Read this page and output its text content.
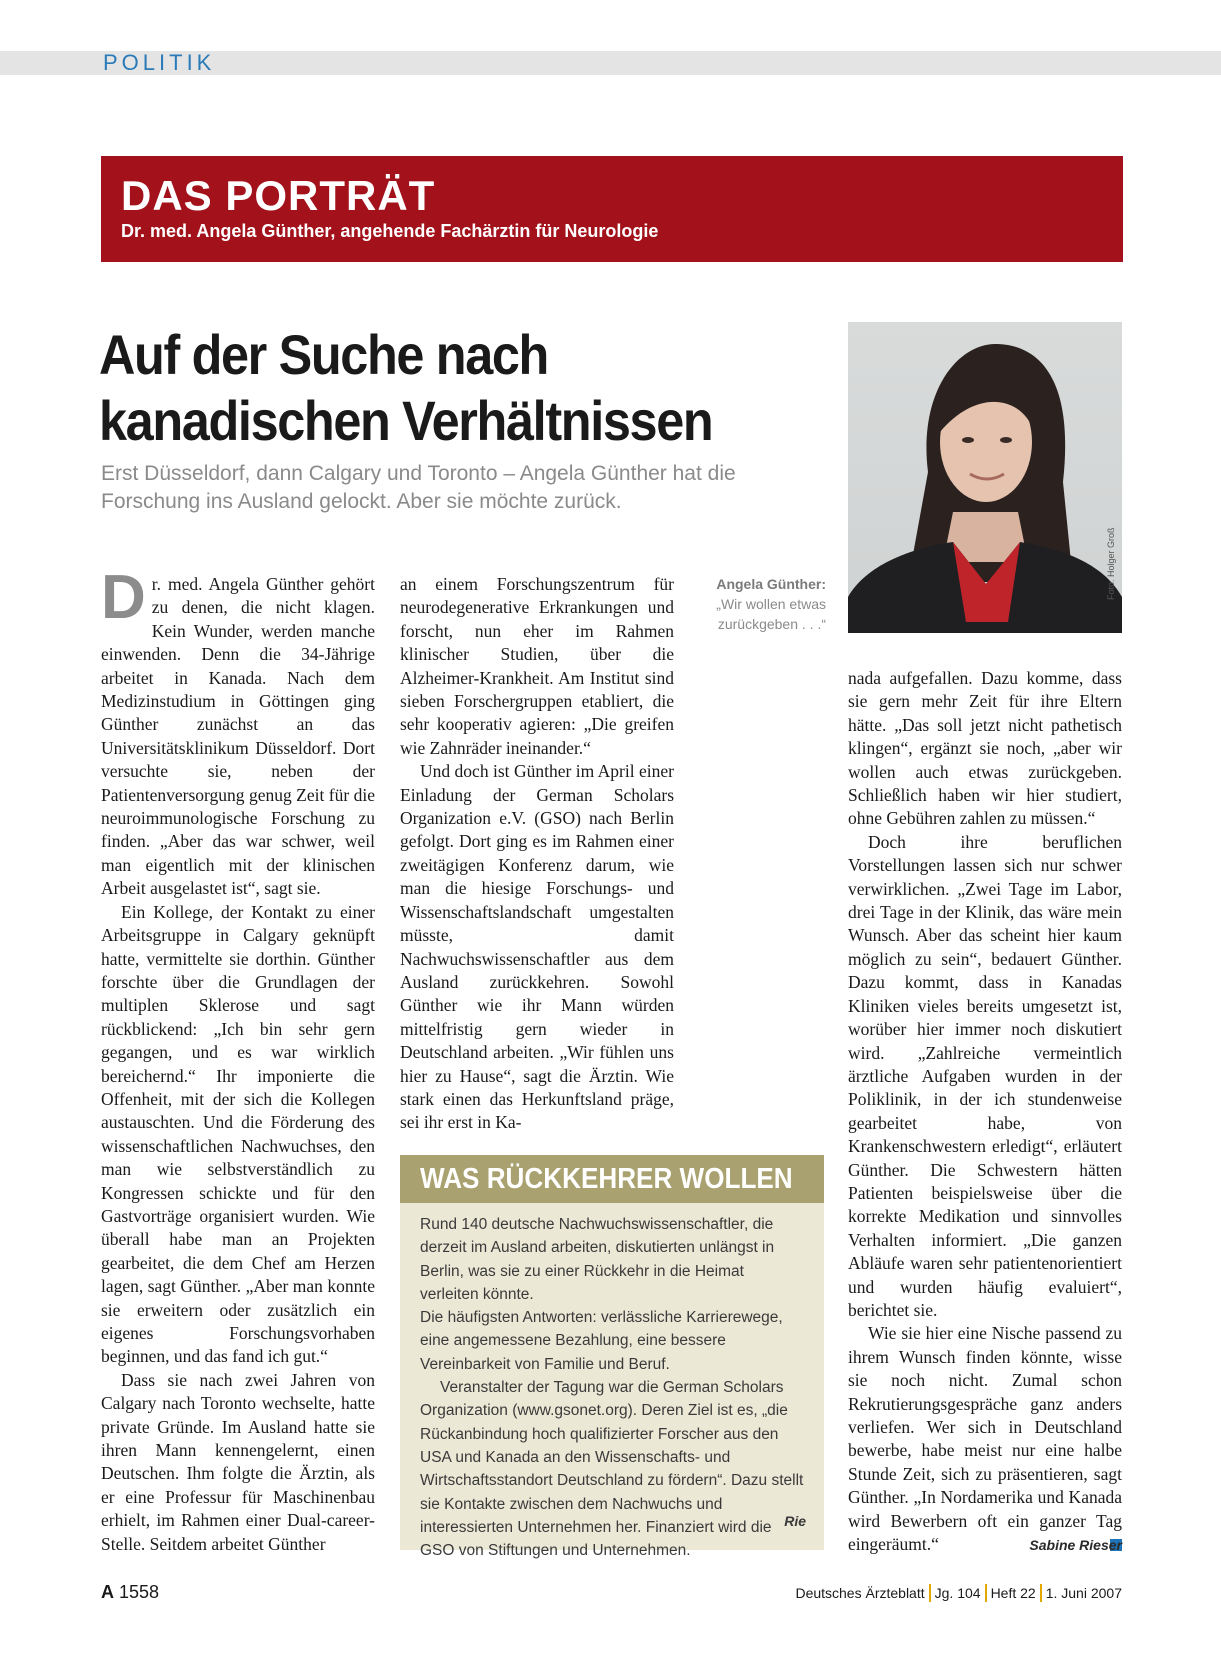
POLITIK

DAS PORTRÄT

Dr. med. Angela Günther, angehende Fachärztin für Neurologie

Auf der Suche nach kanadischen Verhältnissen

Erst Düsseldorf, dann Calgary und Toronto – Angela Günther hat die Forschung ins Ausland gelockt. Aber sie möchte zurück.

Foto: Holger Groß

Angela Günther:
„Wir wollen etwas zurückgeben . . .“

Dr. med. Angela Günther gehört zu denen, die nicht klagen. Kein Wunder, werden manche einwenden. Denn die 34-Jährige arbeitet in Kanada. Nach dem Medizinstudium in Göttingen ging Günther zunächst an das Universitätsklinikum Düsseldorf. Dort versuchte sie, neben der Patientenversorgung genug Zeit für die neuroimmunologische Forschung zu finden. „Aber das war schwer, weil man eigentlich mit der klinischen Arbeit ausgelastet ist“, sagt sie.

Ein Kollege, der Kontakt zu einer Arbeitsgruppe in Calgary geknüpft hatte, vermittelte sie dorthin. Günther forschte über die Grundlagen der multiplen Sklerose und sagt rückblickend: „Ich bin sehr gern gegangen, und es war wirklich bereichernd.“ Ihr imponierte die Offenheit, mit der sich die Kollegen austauschten. Und die Förderung des wissenschaftlichen Nachwuchses, den man wie selbstverständlich zu Kongressen schickte und für den Gastvorträge organisiert wurden. Wie überall habe man an Projekten gearbeitet, die dem Chef am Herzen lagen, sagt Günther. „Aber man konnte sie erweitern oder zusätzlich ein eigenes Forschungsvorhaben beginnen, und das fand ich gut.“

Dass sie nach zwei Jahren von Calgary nach Toronto wechselte, hatte private Gründe. Im Ausland hatte sie ihren Mann kennengelernt, einen Deutschen. Ihm folgte die Ärztin, als er eine Professur für Maschinenbau erhielt, im Rahmen einer Dual-career-Stelle. Seitdem arbeitet Günther

an einem Forschungszentrum für neurodegenerative Erkrankungen und forscht, nun eher im Rahmen klinischer Studien, über die Alzheimer-Krankheit. Am Institut sind sieben Forschergruppen etabliert, die sehr kooperativ agieren: „Die greifen wie Zahnräder ineinander.“

Und doch ist Günther im April einer Einladung der German Scholars Organization e.V. (GSO) nach Berlin gefolgt. Dort ging es im Rahmen einer zweitägigen Konferenz darum, wie man die hiesige Forschungs- und Wissenschaftslandschaft umgestalten müsste, damit Nachwuchswissenschaftler aus dem Ausland zurückkehren. Sowohl Günther wie ihr Mann würden mittelfristig gern wieder in Deutschland arbeiten. „Wir fühlen uns hier zu Hause“, sagt die Ärztin. Wie stark einen das Herkunftsland präge, sei ihr erst in Ka-

nada aufgefallen. Dazu komme, dass sie gern mehr Zeit für ihre Eltern hätte. „Das soll jetzt nicht pathetisch klingen“, ergänzt sie noch, „aber wir wollen auch etwas zurückgeben. Schließlich haben wir hier studiert, ohne Gebühren zahlen zu müssen.“

Doch ihre beruflichen Vorstellungen lassen sich nur schwer verwirklichen. „Zwei Tage im Labor, drei Tage in der Klinik, das wäre mein Wunsch. Aber das scheint hier kaum möglich zu sein“, bedauert Günther. Dazu kommt, dass in Kanadas Kliniken vieles bereits umgesetzt ist, worüber hier immer noch diskutiert wird. „Zahlreiche vermeintlich ärztliche Aufgaben wurden in der Poliklinik, in der ich stundenweise gearbeitet habe, von Krankenschwestern erledigt“, erläutert Günther. Die Schwestern hätten Patienten beispielsweise über die korrekte Medikation und sinnvolles Verhalten informiert. „Die ganzen Abläufe waren sehr patientenorientiert und wurden häufig evaluiert“, berichtet sie.

Wie sie hier eine Nische passend zu ihrem Wunsch finden könnte, wisse sie noch nicht. Zumal schon Rekrutierungsgespräche ganz anders verliefen. Wer sich in Deutschland bewerbe, habe meist nur eine halbe Stunde Zeit, sich zu präsentieren, sagt Günther. „In Nordamerika und Kanada wird Bewerbern oft ein ganzer Tag eingeräumt.“	Sabine Rieser

WAS RÜCKKEHRER WOLLEN

Rund 140 deutsche Nachwuchswissenschaftler, die derzeit im Ausland arbeiten, diskutierten unlängst in Berlin, was sie zu einer Rückkehr in die Heimat verleiten könnte.

Die häufigsten Antworten: verlässliche Karrierewege, eine angemessene Bezahlung, eine bessere Vereinbarkeit von Familie und Beruf.

Veranstalter der Tagung war die German Scholars Organization (www.gsonet.org). Deren Ziel ist es, „die Rückanbindung hoch qualifizierter Forscher aus den USA und Kanada an den Wissenschafts- und Wirtschaftsstandort Deutschland zu fördern“. Dazu stellt sie Kontakte zwischen dem Nachwuchs und interessierten Unternehmen her. Finanziert wird die GSO von Stiftungen und Unternehmen.

Rie

A 1558	Deutsches Ärzteblatt Jg. 104 Heft 22 1. Juni 2007
